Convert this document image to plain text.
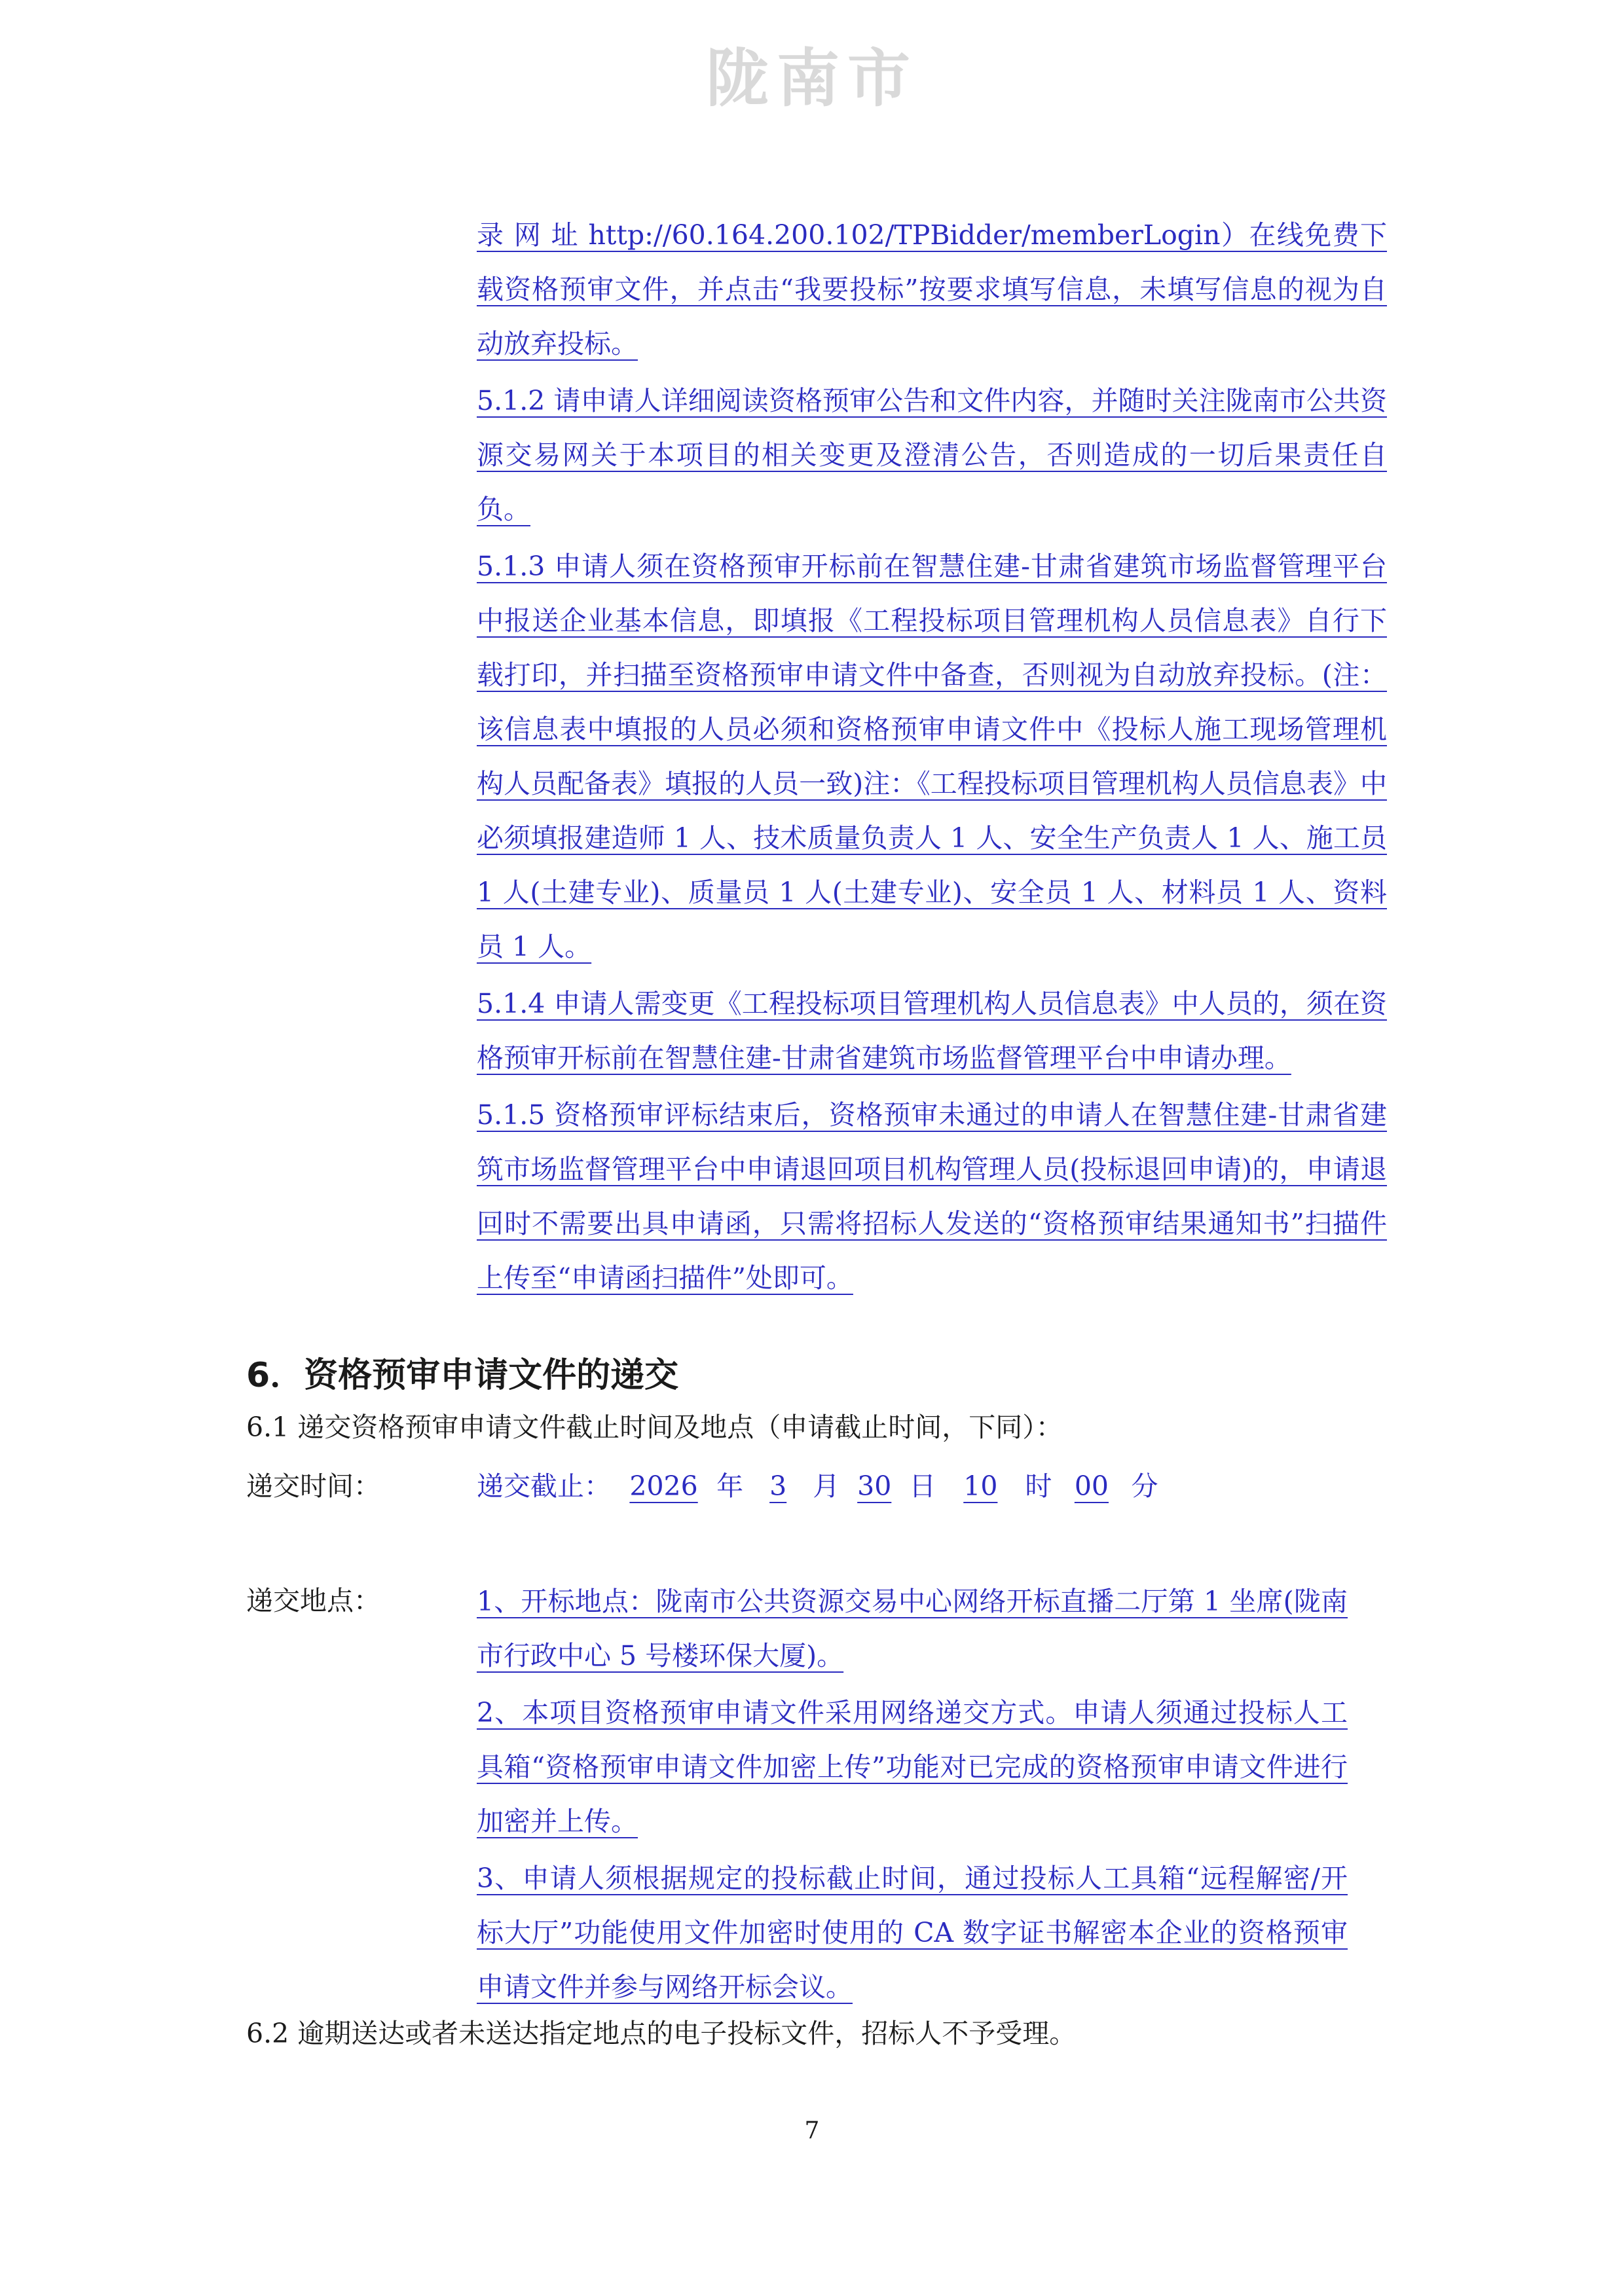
陇南市

录 网 址 http://60.164.200.102/TPBidder/memberLogin）在线免费下载资格预审文件，并点击“我要投标”按要求填写信息，未填写信息的视为自动放弃投标。

5.1.2 请申请人详细阅读资格预审公告和文件内容，并随时关注陇南市公共资源交易网关于本项目的相关变更及澄清公告，否则造成的一切后果责任自负。

5.1.3 申请人须在资格预审开标前在智慧住建-甘肃省建筑市场监督管理平台中报送企业基本信息，即填报《工程投标项目管理机构人员信息表》自行下载打印，并扫描至资格预审申请文件中备查，否则视为自动放弃投标。(注：该信息表中填报的人员必须和资格预审申请文件中《投标人施工现场管理机构人员配备表》填报的人员一致)注：《工程投标项目管理机构人员信息表》中必须填报建造师 1 人、技术质量负责人 1 人、安全生产负责人 1 人、施工员 1 人(土建专业)、质量员 1 人(土建专业)、安全员 1 人、材料员 1 人、资料员 1 人。

5.1.4 申请人需变更《工程投标项目管理机构人员信息表》中人员的，须在资格预审开标前在智慧住建-甘肃省建筑市场监督管理平台中申请办理。

5.1.5 资格预审评标结束后，资格预审未通过的申请人在智慧住建-甘肃省建筑市场监督管理平台中申请退回项目机构管理人员(投标退回申请)的，申请退回时不需要出具申请函，只需将招标人发送的“资格预审结果通知书”扫描件上传至“申请函扫描件”处即可。

6．资格预审申请文件的递交
6.1 递交资格预审申请文件截止时间及地点（申请截止时间，下同）：
递交时间：	递交截止： 2026 年 3 月 30 日 10 时 00 分
递交地点：	1、开标地点：陇南市公共资源交易中心网络开标直播二厅第 1 坐席(陇南市行政中心 5 号楼环保大厦)。

2、本项目资格预审申请文件采用网络递交方式。申请人须通过投标人工具箱“资格预审申请文件加密上传”功能对已完成的资格预审申请文件进行加密并上传。

3、申请人须根据规定的投标截止时间，通过投标人工具箱“远程解密/开标大厅”功能使用文件加密时使用的 CA 数字证书解密本企业的资格预审申请文件并参与网络开标会议。

6.2 逾期送达或者未送达指定地点的电子投标文件，招标人不予受理。
7
